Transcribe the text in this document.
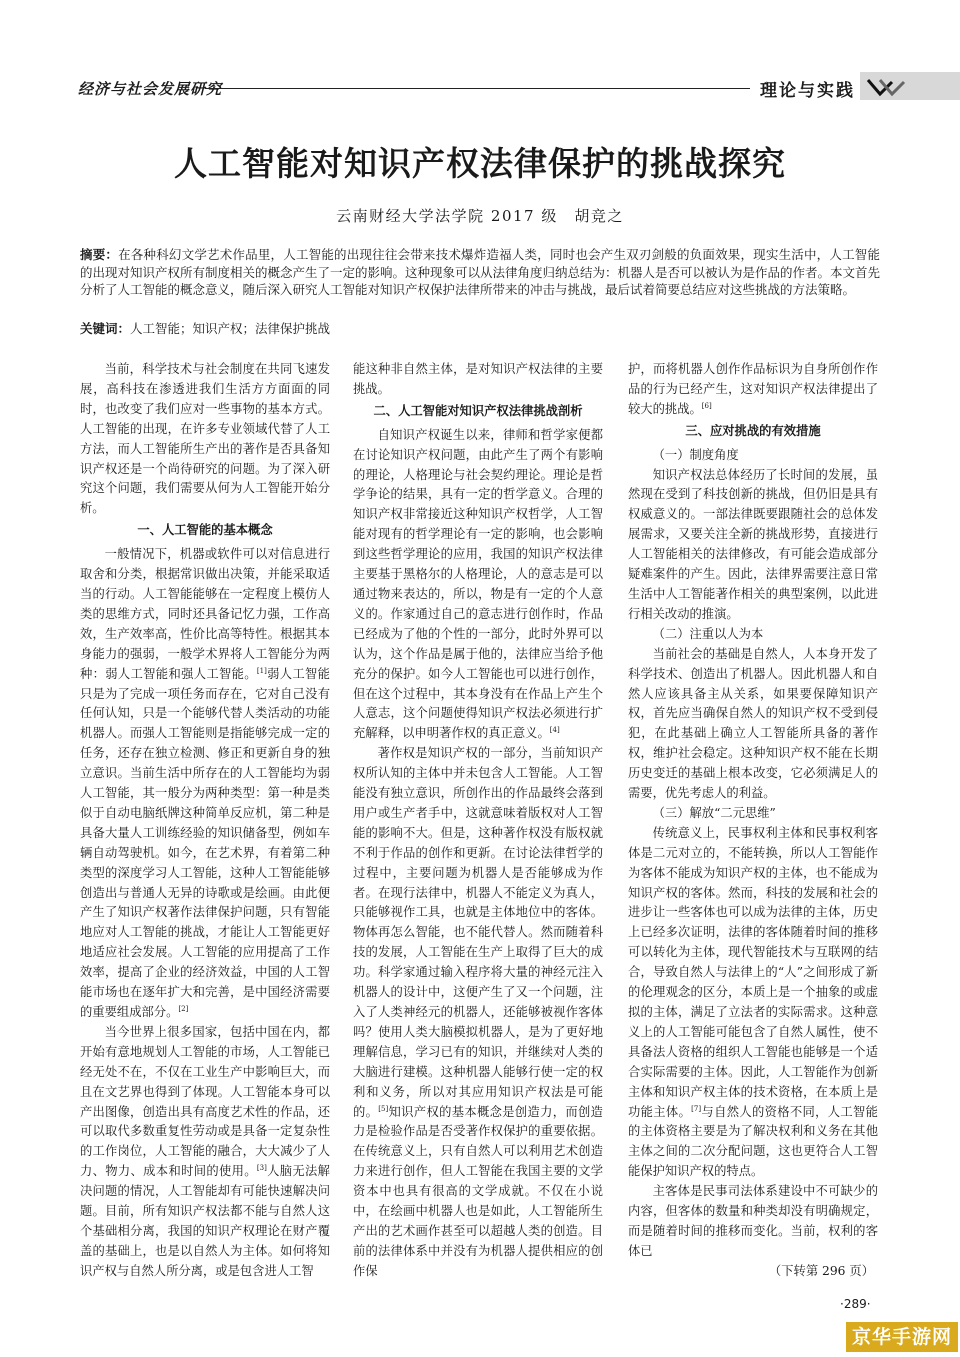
经济与社会发展研究	理论与实践
人工智能对知识产权法律保护的挑战探究
云南财经大学法学院 2017 级　胡竞之
摘要：在各种科幻文学艺术作品里，人工智能的出现往往会带来技术爆炸造福人类，同时也会产生双刃剑般的负面效果，现实生活中，人工智能的出现对知识产权所有制度相关的概念产生了一定的影响。这种现象可以从法律角度归纳总结为：机器人是否可以被认为是作品的作者。本文首先分析了人工智能的概念意义，随后深入研究人工智能对知识产权保护法律所带来的冲击与挑战，最后试着简要总结应对这些挑战的方法策略。
关键词：人工智能；知识产权；法律保护挑战

当前，科学技术与社会制度在共同飞速发展，高科技在渗透进我们生活方方面面的同时，也改变了我们应对一些事物的基本方式。人工智能的出现，在许多专业领域代替了人工方法，而人工智能所生产出的著作是否具备知识产权还是一个尚待研究的问题。为了深入研究这个问题，我们需要从何为人工智能开始分析。

一、人工智能的基本概念

一般情况下，机器或软件可以对信息进行取舍和分类，根据常识做出决策，并能采取适当的行动。人工智能能够在一定程度上模仿人类的思维方式，同时还具备记忆力强，工作高效，生产效率高，性价比高等特性。根据其本身能力的强弱，一般学术界将人工智能分为两种：弱人工智能和强人工智能。[1]弱人工智能只是为了完成一项任务而存在，它对自己没有任何认知，只是一个能够代替人类活动的功能机器人。而强人工智能则是指能够完成一定的任务，还存在独立检测、修正和更新自身的独立意识。当前生活中所存在的人工智能均为弱人工智能，其一般分为两种类型：第一种是类似于自动电脑纸牌这种简单反应机，第二种是具备大量人工训练经验的知识储备型，例如车辆自动驾驶机。如今，在艺术界，有着第二种类型的深度学习人工智能，这种人工智能能够创造出与普通人无异的诗歌或是绘画。由此便产生了知识产权著作法律保护问题，只有智能地应对人工智能的挑战，才能让人工智能更好地适应社会发展。人工智能的应用提高了工作效率，提高了企业的经济效益，中国的人工智能市场也在逐年扩大和完善，是中国经济需要的重要组成部分。[2]

当今世界上很多国家，包括中国在内，都开始有意地规划人工智能的市场，人工智能已经无处不在，不仅在工业生产中影响巨大，而且在文艺界也得到了体现。人工智能本身可以产出图像，创造出具有高度艺术性的作品，还可以取代多数重复性劳动或是具备一定复杂性的工作岗位，人工智能的融合，大大减少了人力、物力、成本和时间的使用。[3]人脑无法解决问题的情况，人工智能却有可能快速解决问题。目前，所有知识产权法都不能与自然人这个基础相分离，我国的知识产权理论在财产覆盖的基础上，也是以自然人为主体。如何将知识产权与自然人所分离，或是包含进人工智

能这种非自然主体，是对知识产权法律的主要挑战。

二、人工智能对知识产权法律挑战剖析

自知识产权诞生以来，律师和哲学家便都在讨论知识产权问题，由此产生了两个有影响的理论，人格理论与社会契约理论。理论是哲学争论的结果，具有一定的哲学意义。合理的知识产权非常接近这种知识产权哲学，人工智能对现有的哲学理论有一定的影响，也会影响到这些哲学理论的应用，我国的知识产权法律主要基于黑格尔的人格理论，人的意志是可以通过物来表达的，所以，物是有一定的个人意义的。作家通过自己的意志进行创作时，作品已经成为了他的个性的一部分，此时外界可以认为，这个作品是属于他的，法律应当给予他充分的保护。如今人工智能也可以进行创作，但在这个过程中，其本身没有在作品上产生个人意志，这个问题使得知识产权法必须进行扩充解释，以申明著作权的真正意义。[4]

著作权是知识产权的一部分，当前知识产权所认知的主体中并未包含人工智能。人工智能没有独立意识，所创作出的作品最终会落到用户或生产者手中，这就意味着版权对人工智能的影响不大。但是，这种著作权没有版权就不利于作品的创作和更新。在讨论法律哲学的过程中，主要问题为机器人是否能够成为作者。在现行法律中，机器人不能定义为真人，只能够视作工具，也就是主体地位中的客体。物体再怎么智能，也不能代替人。然而随着科技的发展，人工智能在生产上取得了巨大的成功。科学家通过输入程序将大量的神经元注入机器人的设计中，这便产生了又一个问题，注入了人类神经元的机器人，还能够被视作客体吗？使用人类大脑模拟机器人，是为了更好地理解信息，学习已有的知识，并继续对人类的大脑进行建模。这种机器人能够行使一定的权利和义务，所以对其应用知识产权法是可能的。[5]知识产权的基本概念是创造力，而创造力是检验作品是否受著作权保护的重要依据。在传统意义上，只有自然人可以利用艺术创造力来进行创作，但人工智能在我国主要的文学资本中也具有很高的文学成就。不仅在小说中，在绘画中机器人也是如此，人工智能所生产出的艺术画作甚至可以超越人类的创造。目前的法律体系中并没有为机器人提供相应的创作保

护，而将机器人创作作品标识为自身所创作作品的行为已经产生，这对知识产权法律提出了较大的挑战。[6]

三、应对挑战的有效措施
（一）制度角度

知识产权法总体经历了长时间的发展，虽然现在受到了科技创新的挑战，但仍旧是具有权威意义的。一部法律既要跟随社会的总体发展需求，又要关注全新的挑战形势，直接进行人工智能相关的法律修改，有可能会造成部分疑难案件的产生。因此，法律界需要注意日常生活中人工智能著作相关的典型案例，以此进行相关改动的推演。

（二）注重以人为本

当前社会的基础是自然人，人本身开发了科学技术、创造出了机器人。因此机器人和自然人应该具备主从关系，如果要保障知识产权，首先应当确保自然人的知识产权不受到侵犯，在此基础上确立人工智能所具备的著作权，维护社会稳定。这种知识产权不能在长期历史变迁的基础上根本改变，它必须满足人的需要，优先考虑人的利益。

（三）解放“二元思维”

传统意义上，民事权利主体和民事权利客体是二元对立的，不能转换，所以人工智能作为客体不能成为知识产权的主体，也不能成为知识产权的客体。然而，科技的发展和社会的进步让一些客体也可以成为法律的主体，历史上已经多次证明，法律的客体随着时间的推移可以转化为主体，现代智能技术与互联网的结合，导致自然人与法律上的“人”之间形成了新的伦理观念的区分，本质上是一个抽象的或虚拟的主体，满足了立法者的实际需求。这种意义上的人工智能可能包含了自然人属性，使不具备法人资格的组织人工智能也能够是一个适合实际需要的主体。因此，人工智能作为创新主体和知识产权主体的技术资格，在本质上是功能主体。[7]与自然人的资格不同，人工智能的主体资格主要是为了解决权利和义务在其他主体之间的二次分配问题，这也更符合人工智能保护知识产权的特点。

主客体是民事司法体系建设中不可缺少的内容，但客体的数量和种类却没有明确规定，而是随着时间的推移而变化。当前，权利的客体已

（下转第 296 页）

·289·
京华手游网
